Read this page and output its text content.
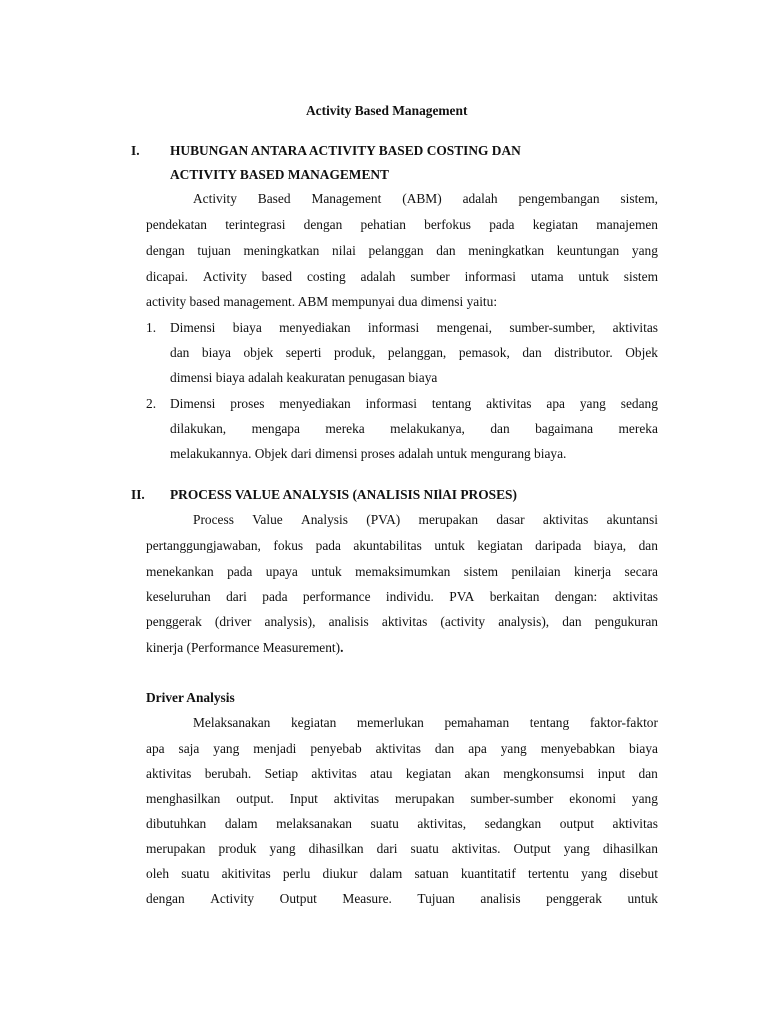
Activity Based Management
I. HUBUNGAN ANTARA ACTIVITY BASED COSTING DAN
ACTIVITY BASED MANAGEMENT
Activity Based Management (ABM) adalah pengembangan sistem,
pendekatan terintegrasi dengan pehatian berfokus pada kegiatan manajemen
dengan tujuan meningkatkan nilai pelanggan dan meningkatkan keuntungan yang
dicapai. Activity based costing adalah sumber informasi utama untuk sistem
activity based management. ABM mempunyai dua dimensi yaitu:
1. Dimensi biaya menyediakan informasi mengenai, sumber-sumber, aktivitas
dan biaya objek seperti produk, pelanggan, pemasok, dan distributor. Objek
dimensi biaya adalah keakuratan penugasan biaya
2. Dimensi proses menyediakan informasi tentang aktivitas apa yang sedang
dilakukan, mengapa mereka melakukanya, dan bagaimana mereka
melakukannya. Objek dari dimensi proses adalah untuk mengurang biaya.
II. PROCESS VALUE ANALYSIS (ANALISIS NIlAI PROSES)
Process Value Analysis (PVA) merupakan dasar aktivitas akuntansi
pertanggungjawaban, fokus pada akuntabilitas untuk kegiatan daripada biaya, dan
menekankan pada upaya untuk memaksimumkan sistem penilaian kinerja secara
keseluruhan dari pada performance individu. PVA berkaitan dengan: aktivitas
penggerak (driver analysis), analisis aktivitas (activity analysis), dan pengukuran
kinerja (Performance Measurement).
Driver Analysis
Melaksanakan kegiatan memerlukan pemahaman tentang faktor-faktor
apa saja yang menjadi penyebab aktivitas dan apa yang menyebabkan biaya
aktivitas berubah. Setiap aktivitas atau kegiatan akan mengkonsumsi input dan
menghasilkan output. Input aktivitas merupakan sumber-sumber ekonomi yang
dibutuhkan dalam melaksanakan suatu aktivitas, sedangkan output aktivitas
merupakan produk yang dihasilkan dari suatu aktivitas. Output yang dihasilkan
oleh suatu akitivitas perlu diukur dalam satuan kuantitatif tertentu yang disebut
dengan Activity Output Measure. Tujuan analisis penggerak untuk
